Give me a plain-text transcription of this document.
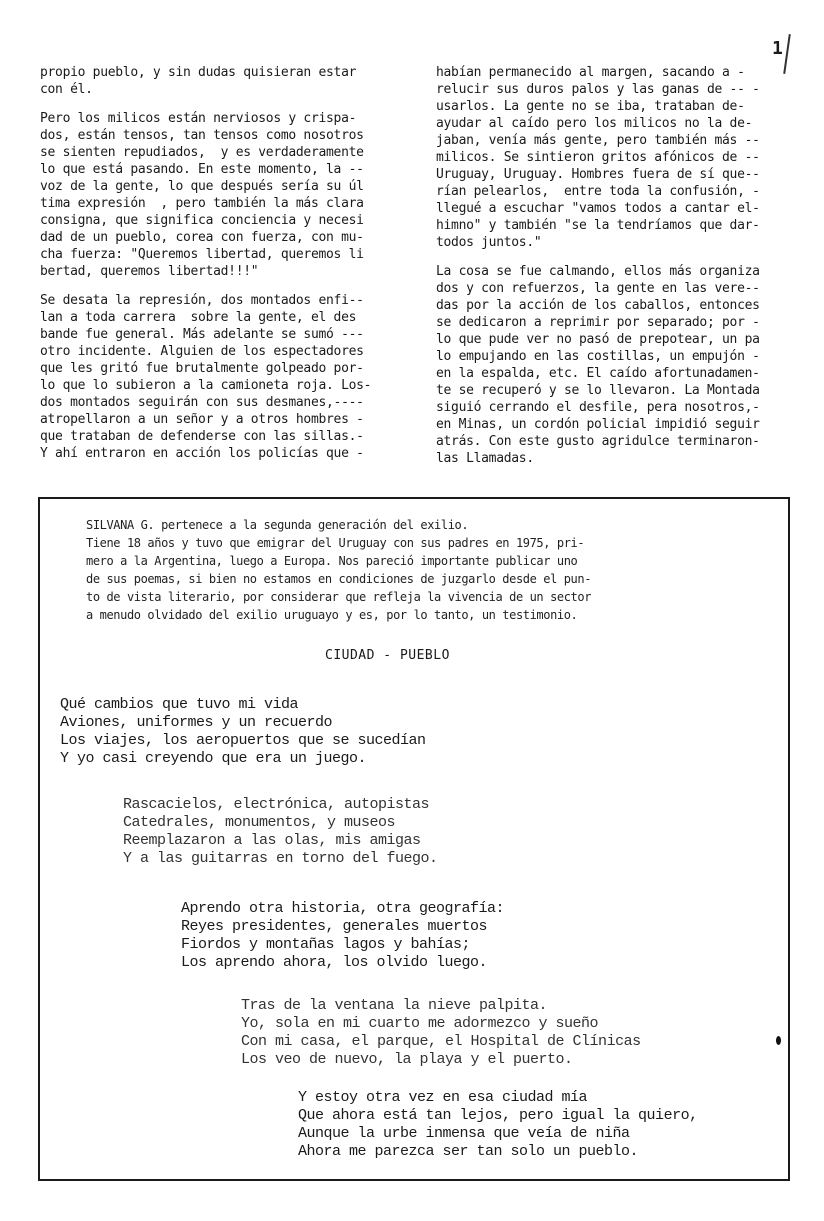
1

propio pueblo, y sin dudas quisieran estar
con él.

Pero los milicos están nerviosos y crispa-
dos, están tensos, tan tensos como nosotros
se sienten repudiados,  y es verdaderamente
lo que está pasando. En este momento, la --
voz de la gente, lo que después sería su úl
tima expresión  , pero también la más clara
consigna, que significa conciencia y necesi
dad de un pueblo, corea con fuerza, con mu-
cha fuerza: "Queremos libertad, queremos li
bertad, queremos libertad!!!"

Se desata la represión, dos montados enfi--
lan a toda carrera  sobre la gente, el des
bande fue general. Más adelante se sumó ---
otro incidente. Alguien de los espectadores
que les gritó fue brutalmente golpeado por-
lo que lo subieron a la camioneta roja. Los-
dos montados seguirán con sus desmanes,----
atropellaron a un señor y a otros hombres -
que trataban de defenderse con las sillas.-
Y ahí entraron en acción los policías que -

habían permanecido al margen, sacando a -
relucir sus duros palos y las ganas de -- -
usarlos. La gente no se iba, trataban de-
ayudar al caído pero los milicos no la de-
jaban, venía más gente, pero también más --
milicos. Se sintieron gritos afónicos de --
Uruguay, Uruguay. Hombres fuera de sí que--
rían pelearlos,  entre toda la confusión, -
llegué a escuchar "vamos todos a cantar el-
himno" y también "se la tendríamos que dar-
todos juntos."

La cosa se fue calmando, ellos más organiza
dos y con refuerzos, la gente en las vere--
das por la acción de los caballos, entonces
se dedicaron a reprimir por separado; por -
lo que pude ver no pasó de prepotear, un pa
lo empujando en las costillas, un empujón -
en la espalda, etc. El caído afortunadamen-
te se recuperó y se lo llevaron. La Montada
siguió cerrando el desfile, pera nosotros,-
en Minas, un cordón policial impidió seguir
atrás. Con este gusto agridulce terminaron-
las Llamadas.

SILVANA G. pertenece a la segunda generación del exilio.
Tiene 18 años y tuvo que emigrar del Uruguay con sus padres en 1975, pri-
mero a la Argentina, luego a Europa. Nos pareció importante publicar uno
de sus poemas, si bien no estamos en condiciones de juzgarlo desde el pun-
to de vista literario, por considerar que refleja la vivencia de un sector
a menudo olvidado del exilio uruguayo y es, por lo tanto, un testimonio.
CIUDAD - PUEBLO
Qué cambios que tuvo mi vida
Aviones, uniformes y un recuerdo
Los viajes, los aeropuertos que se sucedían
Y yo casi creyendo que era un juego.
Rascacielos, electrónica, autopistas
Catedrales, monumentos, y museos
Reemplazaron a las olas, mis amigas
Y a las guitarras en torno del fuego.
Aprendo otra historia, otra geografía:
Reyes presidentes, generales muertos
Fiordos y montañas lagos y bahías;
Los aprendo ahora, los olvido luego.
Tras de la ventana la nieve palpita.
Yo, sola en mi cuarto me adormezco y sueño
Con mi casa, el parque, el Hospital de Clínicas
Los veo de nuevo, la playa y el puerto.
Y estoy otra vez en esa ciudad mía
Que ahora está tan lejos, pero igual la quiero,
Aunque la urbe inmensa que veía de niña
Ahora me parezca ser tan solo un pueblo.
